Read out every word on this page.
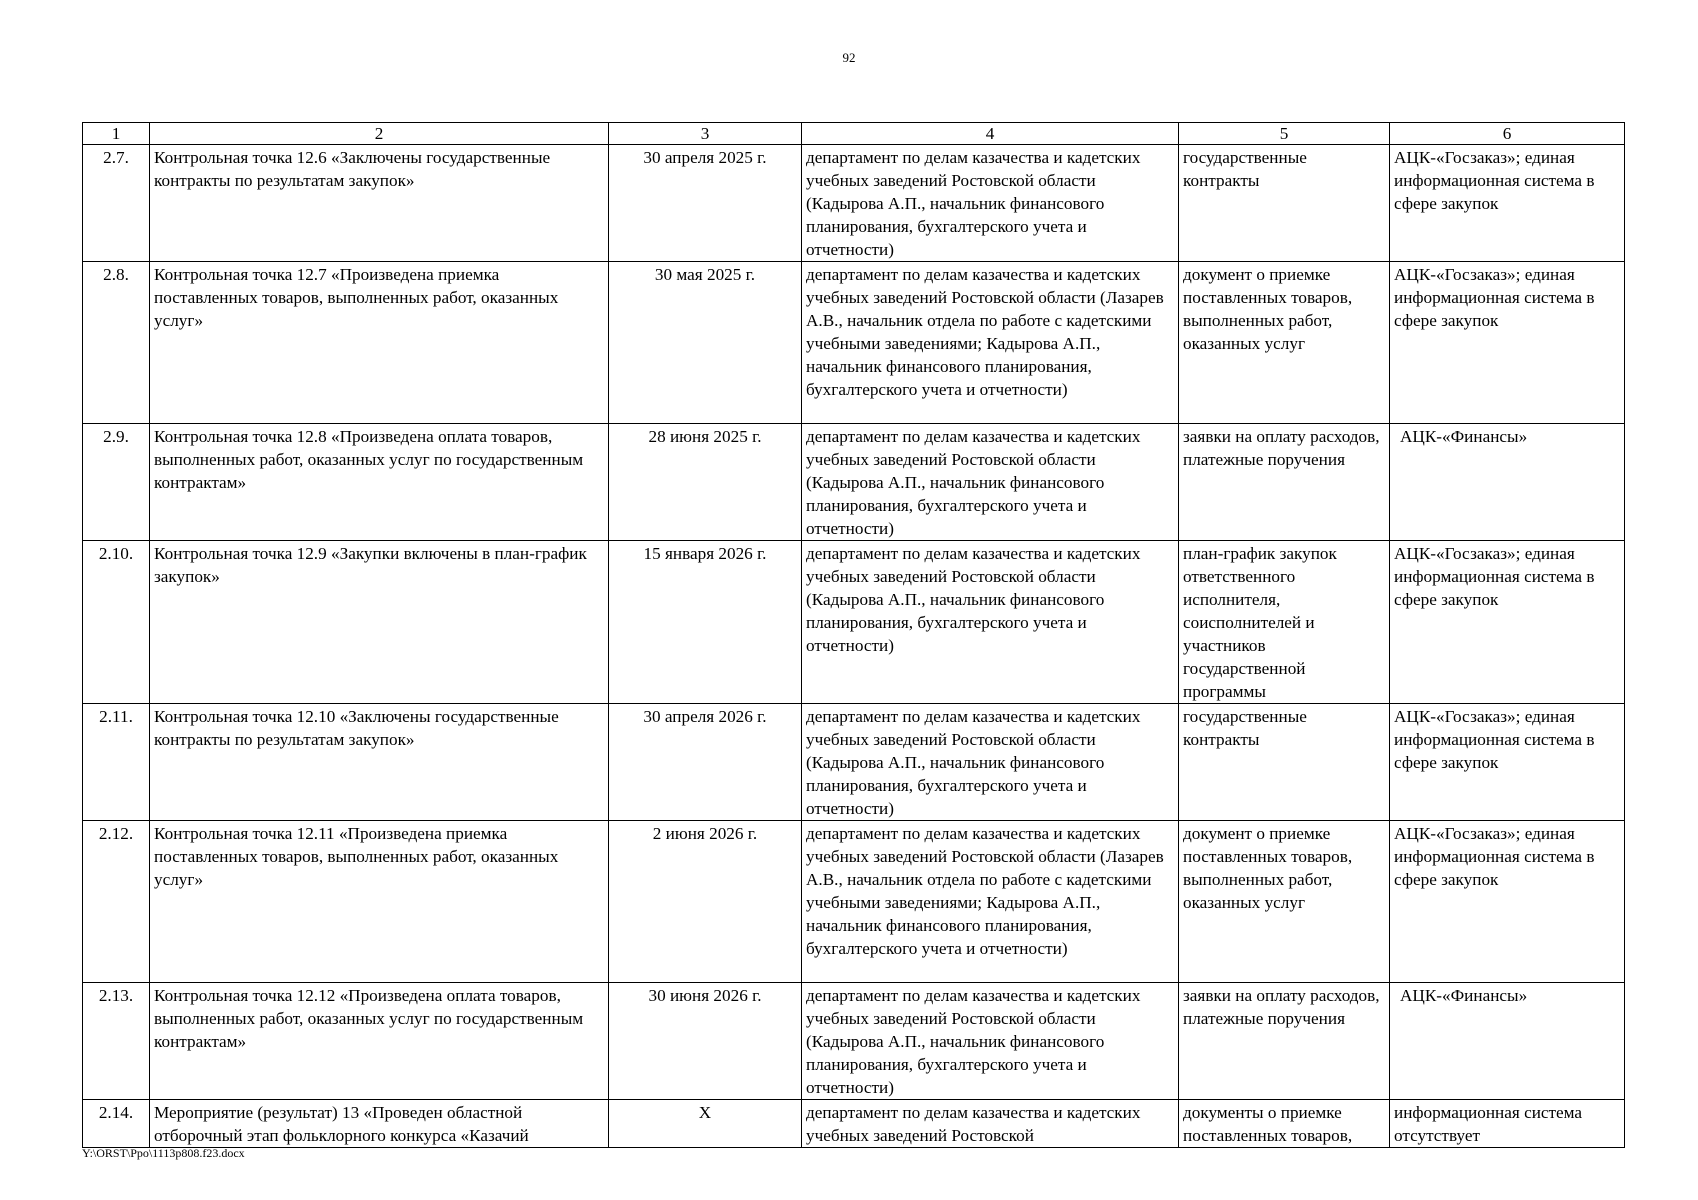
92
1	2	3	4	5	6
2.7.	Контрольная точка 12.6 «Заключены государственные контракты по результатам закупок»	30 апреля 2025 г.	департамент по делам казачества и кадетских учебных заведений Ростовской области (Кадырова А.П., начальник финансового планирования, бухгалтерского учета и отчетности)	государственные контракты	АЦК-«Госзаказ»; единая информационная система в сфере закупок
2.8.	Контрольная точка 12.7 «Произведена приемка поставленных товаров, выполненных работ, оказанных услуг»	30 мая 2025 г.	департамент по делам казачества и кадетских учебных заведений Ростовской области (Лазарев А.В., начальник отдела по работе с кадетскими учебными заведениями; Кадырова А.П., начальник финансового планирования, бухгалтерского учета и отчетности)	документ о приемке поставленных товаров, выполненных работ, оказанных услуг	АЦК-«Госзаказ»; единая информационная система в сфере закупок
2.9.	Контрольная точка 12.8 «Произведена оплата товаров, выполненных работ, оказанных услуг по государственным контрактам»	28 июня 2025 г.	департамент по делам казачества и кадетских учебных заведений Ростовской области (Кадырова А.П., начальник финансового планирования, бухгалтерского учета и отчетности)	заявки на оплату расходов, платежные поручения	АЦК-«Финансы»
2.10.	Контрольная точка 12.9 «Закупки включены в план-график закупок»	15 января 2026 г.	департамент по делам казачества и кадетских учебных заведений Ростовской области (Кадырова А.П., начальник финансового планирования, бухгалтерского учета и отчетности)	план-график закупок ответственного исполнителя, соисполнителей и участников государственной программы	АЦК-«Госзаказ»; единая информационная система в сфере закупок
2.11.	Контрольная точка 12.10 «Заключены государственные контракты по результатам закупок»	30 апреля 2026 г.	департамент по делам казачества и кадетских учебных заведений Ростовской области (Кадырова А.П., начальник финансового планирования, бухгалтерского учета и отчетности)	государственные контракты	АЦК-«Госзаказ»; единая информационная система в сфере закупок
2.12.	Контрольная точка 12.11 «Произведена приемка поставленных товаров, выполненных работ, оказанных услуг»	2 июня 2026 г.	департамент по делам казачества и кадетских учебных заведений Ростовской области (Лазарев А.В., начальник отдела по работе с кадетскими учебными заведениями; Кадырова А.П., начальник финансового планирования, бухгалтерского учета и отчетности)	документ о приемке поставленных товаров, выполненных работ, оказанных услуг	АЦК-«Госзаказ»; единая информационная система в сфере закупок
2.13.	Контрольная точка 12.12 «Произведена оплата товаров, выполненных работ, оказанных услуг по государственным контрактам»	30 июня 2026 г.	департамент по делам казачества и кадетских учебных заведений Ростовской области (Кадырова А.П., начальник финансового планирования, бухгалтерского учета и отчетности)	заявки на оплату расходов, платежные поручения	АЦК-«Финансы»
2.14.	Мероприятие (результат) 13 «Проведен областной отборочный этап фольклорного конкурса «Казачий	Х	департамент по делам казачества и кадетских учебных заведений Ростовской	документы о приемке поставленных товаров,	информационная система отсутствует
Y:\ORST\Ppo\1113p808.f23.docx
